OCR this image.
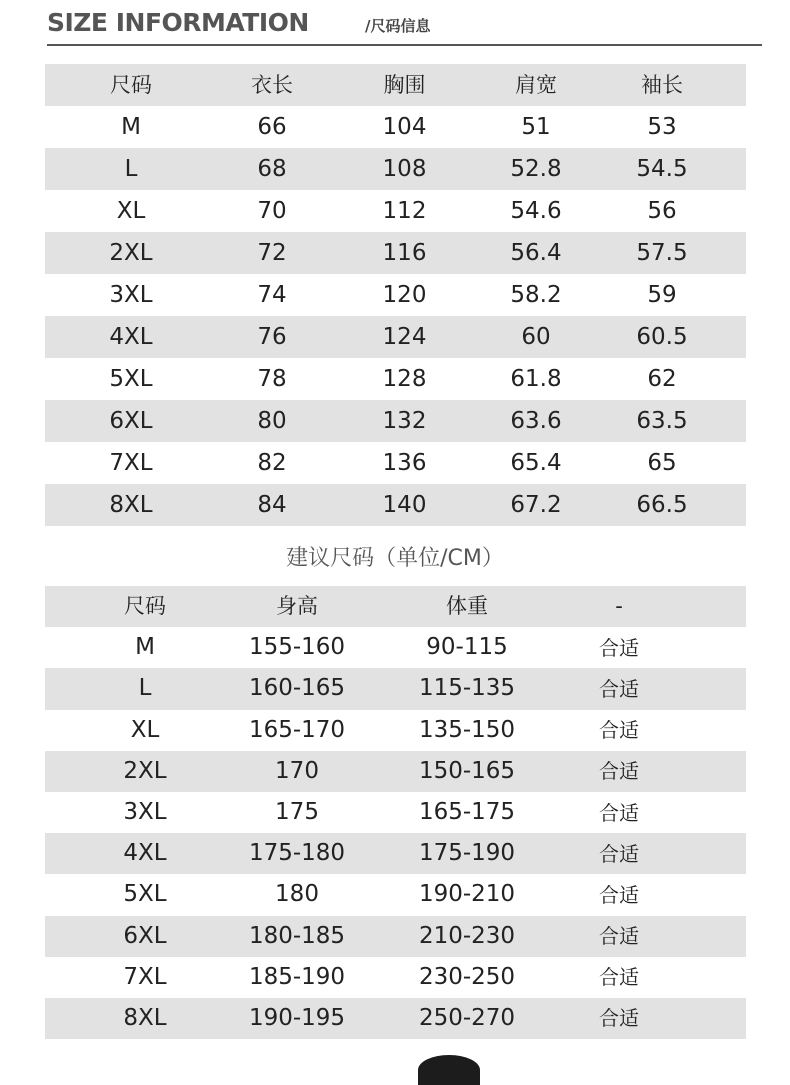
SIZE INFORMATION	/尺码信息
尺码	衣长	胸围	肩宽	袖长
M	66	104	51	53
L	68	108	52.8	54.5
XL	70	112	54.6	56
2XL	72	116	56.4	57.5
3XL	74	120	58.2	59
4XL	76	124	60	60.5
5XL	78	128	61.8	62
6XL	80	132	63.6	63.5
7XL	82	136	65.4	65
8XL	84	140	67.2	66.5
建议尺码（单位/CM）
尺码	身高	体重	-
M	155-160	90-115	合适
L	160-165	115-135	合适
XL	165-170	135-150	合适
2XL	170	150-165	合适
3XL	175	165-175	合适
4XL	175-180	175-190	合适
5XL	180	190-210	合适
6XL	180-185	210-230	合适
7XL	185-190	230-250	合适
8XL	190-195	250-270	合适
